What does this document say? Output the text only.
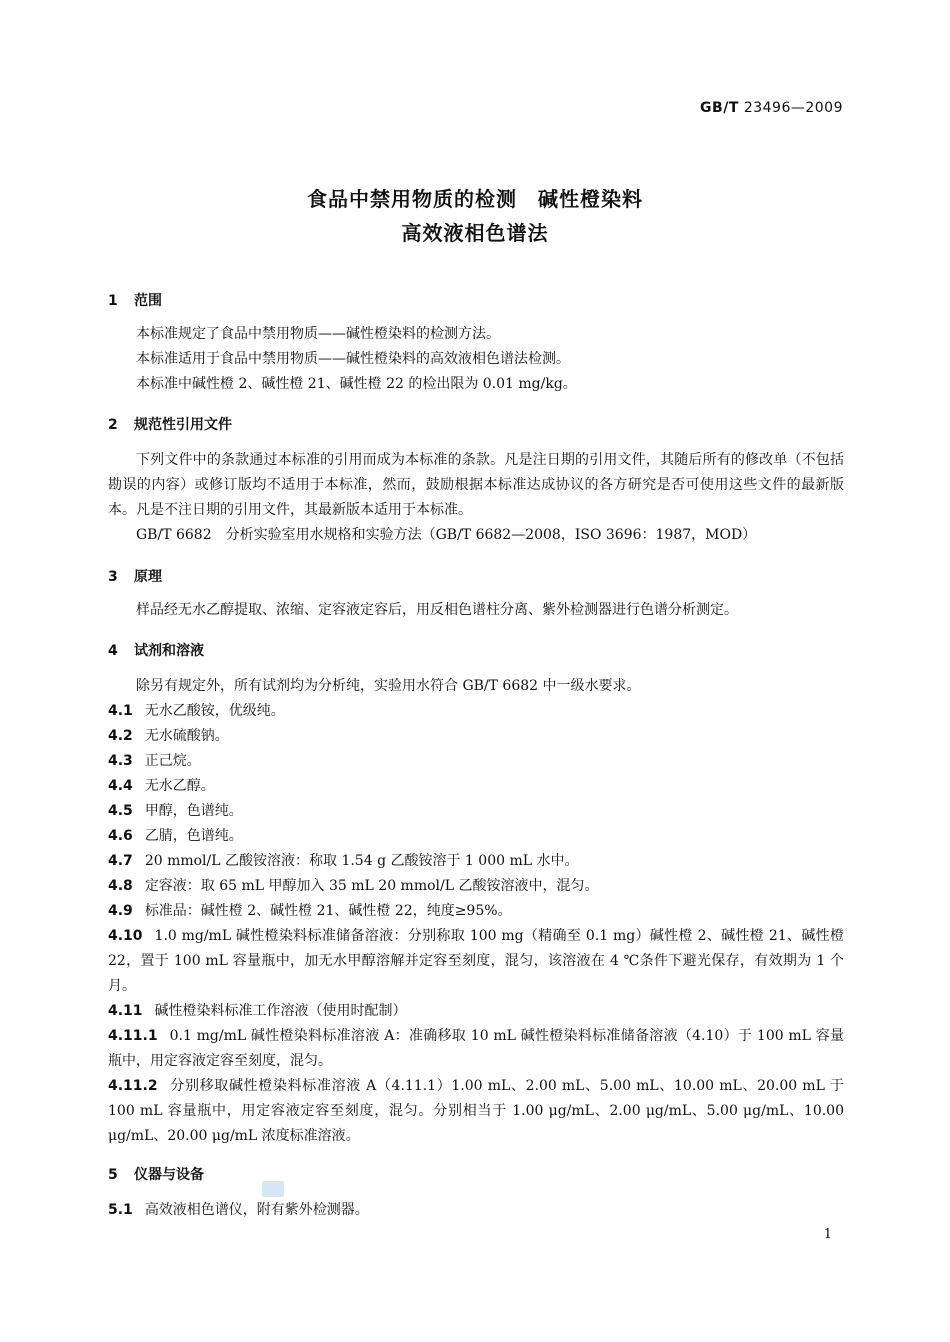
GB/T 23496—2009
食品中禁用物质的检测　碱性橙染料
高效液相色谱法
1 范围
本标准规定了食品中禁用物质——碱性橙染料的检测方法。
本标准适用于食品中禁用物质——碱性橙染料的高效液相色谱法检测。
本标准中碱性橙 2、碱性橙 21、碱性橙 22 的检出限为 0.01 mg/kg。
2 规范性引用文件
下列文件中的条款通过本标准的引用而成为本标准的条款。凡是注日期的引用文件，其随后所有的修改单（不包括勘误的内容）或修订版均不适用于本标准，然而，鼓励根据本标准达成协议的各方研究是否可使用这些文件的最新版本。凡是不注日期的引用文件，其最新版本适用于本标准。
GB/T 6682　分析实验室用水规格和实验方法（GB/T 6682—2008，ISO 3696：1987，MOD）
3 原理
样品经无水乙醇提取、浓缩、定容液定容后，用反相色谱柱分离、紫外检测器进行色谱分析测定。
4 试剂和溶液
除另有规定外，所有试剂均为分析纯，实验用水符合 GB/T 6682 中一级水要求。
4.1 无水乙酸铵，优级纯。
4.2 无水硫酸钠。
4.3 正己烷。
4.4 无水乙醇。
4.5 甲醇，色谱纯。
4.6 乙腈，色谱纯。
4.7 20 mmol/L 乙酸铵溶液：称取 1.54 g 乙酸铵溶于 1 000 mL 水中。
4.8 定容液：取 65 mL 甲醇加入 35 mL 20 mmol/L 乙酸铵溶液中，混匀。
4.9 标准品：碱性橙 2、碱性橙 21、碱性橙 22，纯度≥95%。
4.10 1.0 mg/mL 碱性橙染料标准储备溶液：分别称取 100 mg（精确至 0.1 mg）碱性橙 2、碱性橙 21、碱性橙 22，置于 100 mL 容量瓶中，加无水甲醇溶解并定容至刻度，混匀，该溶液在 4 ℃条件下避光保存，有效期为 1 个月。
4.11 碱性橙染料标准工作溶液（使用时配制）
4.11.1 0.1 mg/mL 碱性橙染料标准溶液 A：准确移取 10 mL 碱性橙染料标准储备溶液（4.10）于 100 mL 容量瓶中，用定容液定容至刻度，混匀。
4.11.2 分别移取碱性橙染料标准溶液 A（4.11.1）1.00 mL、2.00 mL、5.00 mL、10.00 mL、20.00 mL 于 100 mL 容量瓶中，用定容液定容至刻度，混匀。分别相当于 1.00 μg/mL、2.00 μg/mL、5.00 μg/mL、10.00 μg/mL、20.00 μg/mL 浓度标准溶液。
5 仪器与设备
5.1 高效液相色谱仪，附有紫外检测器。
1
